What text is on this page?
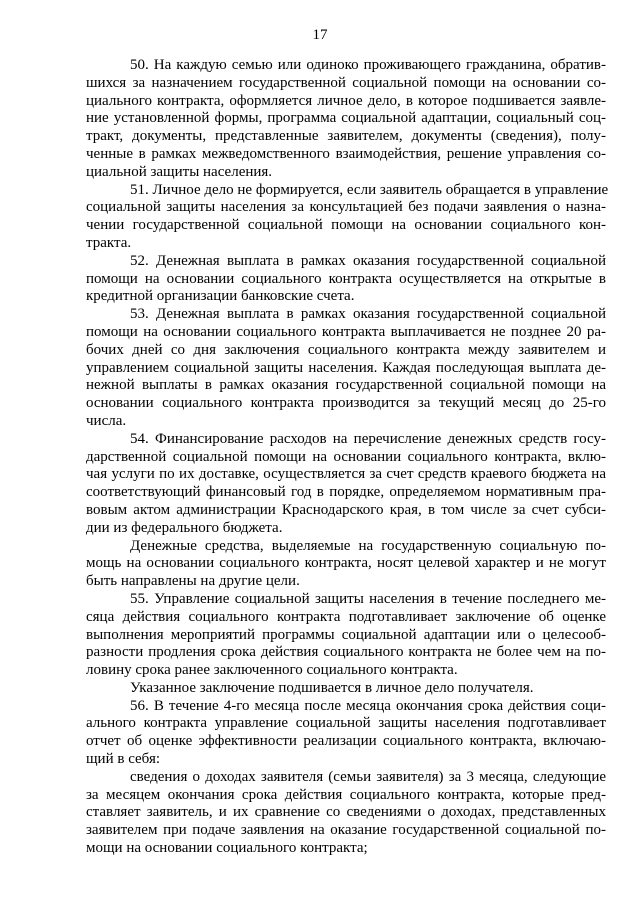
17
50. На каждую семью или одиноко проживающего гражданина, обратив-
шихся за назначением государственной социальной помощи на основании со-
циального контракта, оформляется личное дело, в которое подшивается заявле-
ние установленной формы, программа социальной адаптации, социальный соц-
тракт, документы, представленные заявителем, документы (сведения), полу-
ченные в рамках межведомственного взаимодействия, решение управления со-
циальной защиты населения.
51. Личное дело не формируется, если заявитель обращается в управление
социальной защиты населения за консультацией без подачи заявления о назна-
чении государственной социальной помощи на основании социального кон-
тракта.
52. Денежная выплата в рамках оказания государственной социальной
помощи на основании социального контракта осуществляется на открытые в
кредитной организации банковские счета.
53. Денежная выплата в рамках оказания государственной социальной
помощи на основании социального контракта выплачивается не позднее 20 ра-
бочих дней со дня заключения социального контракта между заявителем и
управлением социальной защиты населения. Каждая последующая выплата де-
нежной выплаты в рамках оказания государственной социальной помощи на
основании социального контракта производится за текущий месяц до 25-го
числа.
54. Финансирование расходов на перечисление денежных средств госу-
дарственной социальной помощи на основании социального контракта, вклю-
чая услуги по их доставке, осуществляется за счет средств краевого бюджета на
соответствующий финансовый год в порядке, определяемом нормативным пра-
вовым актом администрации Краснодарского края, в том числе за счет субси-
дии из федерального бюджета.
Денежные средства, выделяемые на государственную социальную по-
мощь на основании социального контракта, носят целевой характер и не могут
быть направлены на другие цели.
55. Управление социальной защиты населения в течение последнего ме-
сяца действия социального контракта подготавливает заключение об оценке
выполнения мероприятий программы социальной адаптации или о целесооб-
разности продления срока действия социального контракта не более чем на по-
ловину срока ранее заключенного социального контракта.
Указанное заключение подшивается в личное дело получателя.
56. В течение 4-го месяца после месяца окончания срока действия соци-
ального контракта управление социальной защиты населения подготавливает
отчет об оценке эффективности реализации социального контракта, включаю-
щий в себя:
сведения о доходах заявителя (семьи заявителя) за 3 месяца, следующие
за месяцем окончания срока действия социального контракта, которые пред-
ставляет заявитель, и их сравнение со сведениями о доходах, представленных
заявителем при подаче заявления на оказание государственной социальной по-
мощи на основании социального контракта;
